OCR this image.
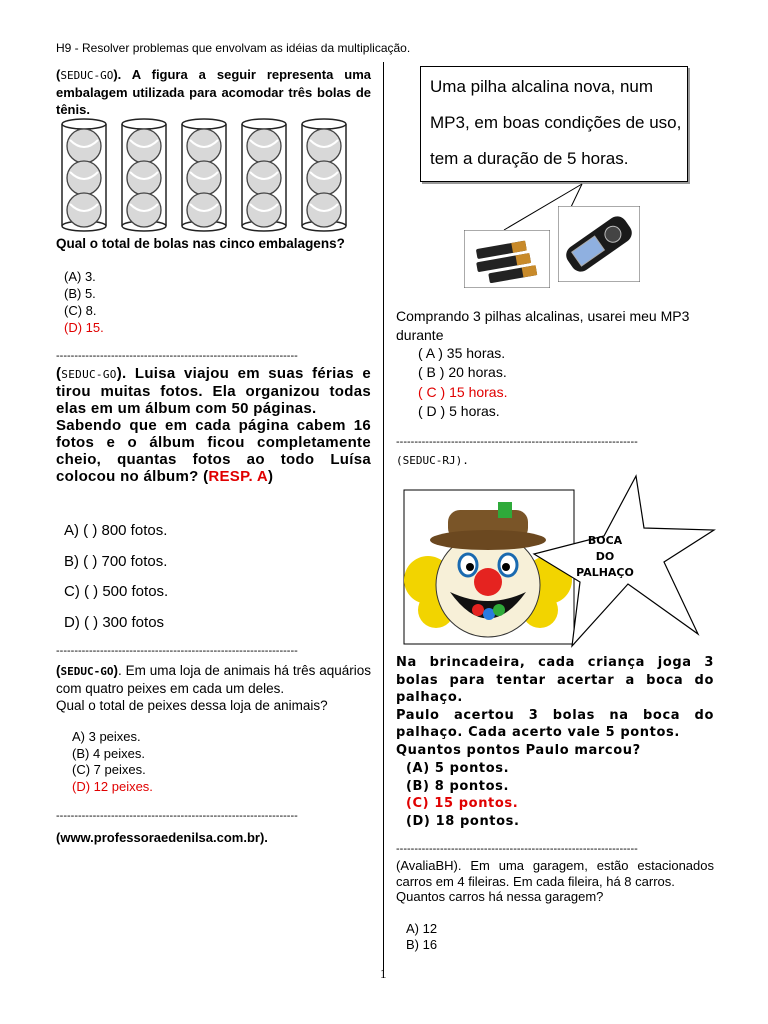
H9 - Resolver problemas que envolvam as idéias da multiplicação.
(SEDUC-GO). A figura a seguir representa uma embalagem utilizada para acomodar três bolas de tênis.
Qual o total de bolas nas cinco embalagens?
(A) 3.
(B) 5.
(C) 8.
(D) 15.
------------------------------------------------------------------
(SEDUC-GO). Luisa viajou em suas férias e tirou muitas fotos. Ela organizou todas elas em um álbum com 50 páginas.
Sabendo que em cada página cabem 16 fotos e o álbum ficou completamente cheio, quantas fotos ao todo Luísa colocou no álbum? (RESP. A)
A) ( ) 800 fotos.
B) ( ) 700 fotos.
C) ( ) 500 fotos.
D) ( ) 300 fotos
------------------------------------------------------------------
(SEDUC-GO). Em uma loja de animais há três aquários com quatro peixes em cada um deles.
Qual o total de peixes dessa loja de animais?
A) 3 peixes.
(B) 4 peixes.
(C) 7 peixes.
(D) 12 peixes.
------------------------------------------------------------------
(www.professoraedenilsa.com.br).
Uma pilha alcalina nova, num MP3, em boas condições de uso, tem a duração de 5 horas.
Comprando 3 pilhas alcalinas, usarei meu MP3 durante
( A ) 35 horas.
( B ) 20 horas.
( C ) 15 horas.
( D ) 5 horas.
------------------------------------------------------------------
(SEDUC-RJ).
BOCA
DO
PALHAÇO
Na brincadeira, cada criança joga 3 bolas para tentar acertar a boca do palhaço.
Paulo acertou 3 bolas na boca do palhaço. Cada acerto vale 5 pontos.
Quantos pontos Paulo marcou?
(A) 5 pontos.
(B) 8 pontos.
(C) 15 pontos.
(D) 18 pontos.
------------------------------------------------------------------
(AvaliaBH). Em uma garagem, estão estacionados carros em 4 fileiras. Em cada fileira, há 8 carros.
Quantos carros há nessa garagem?
A) 12
B) 16
1
